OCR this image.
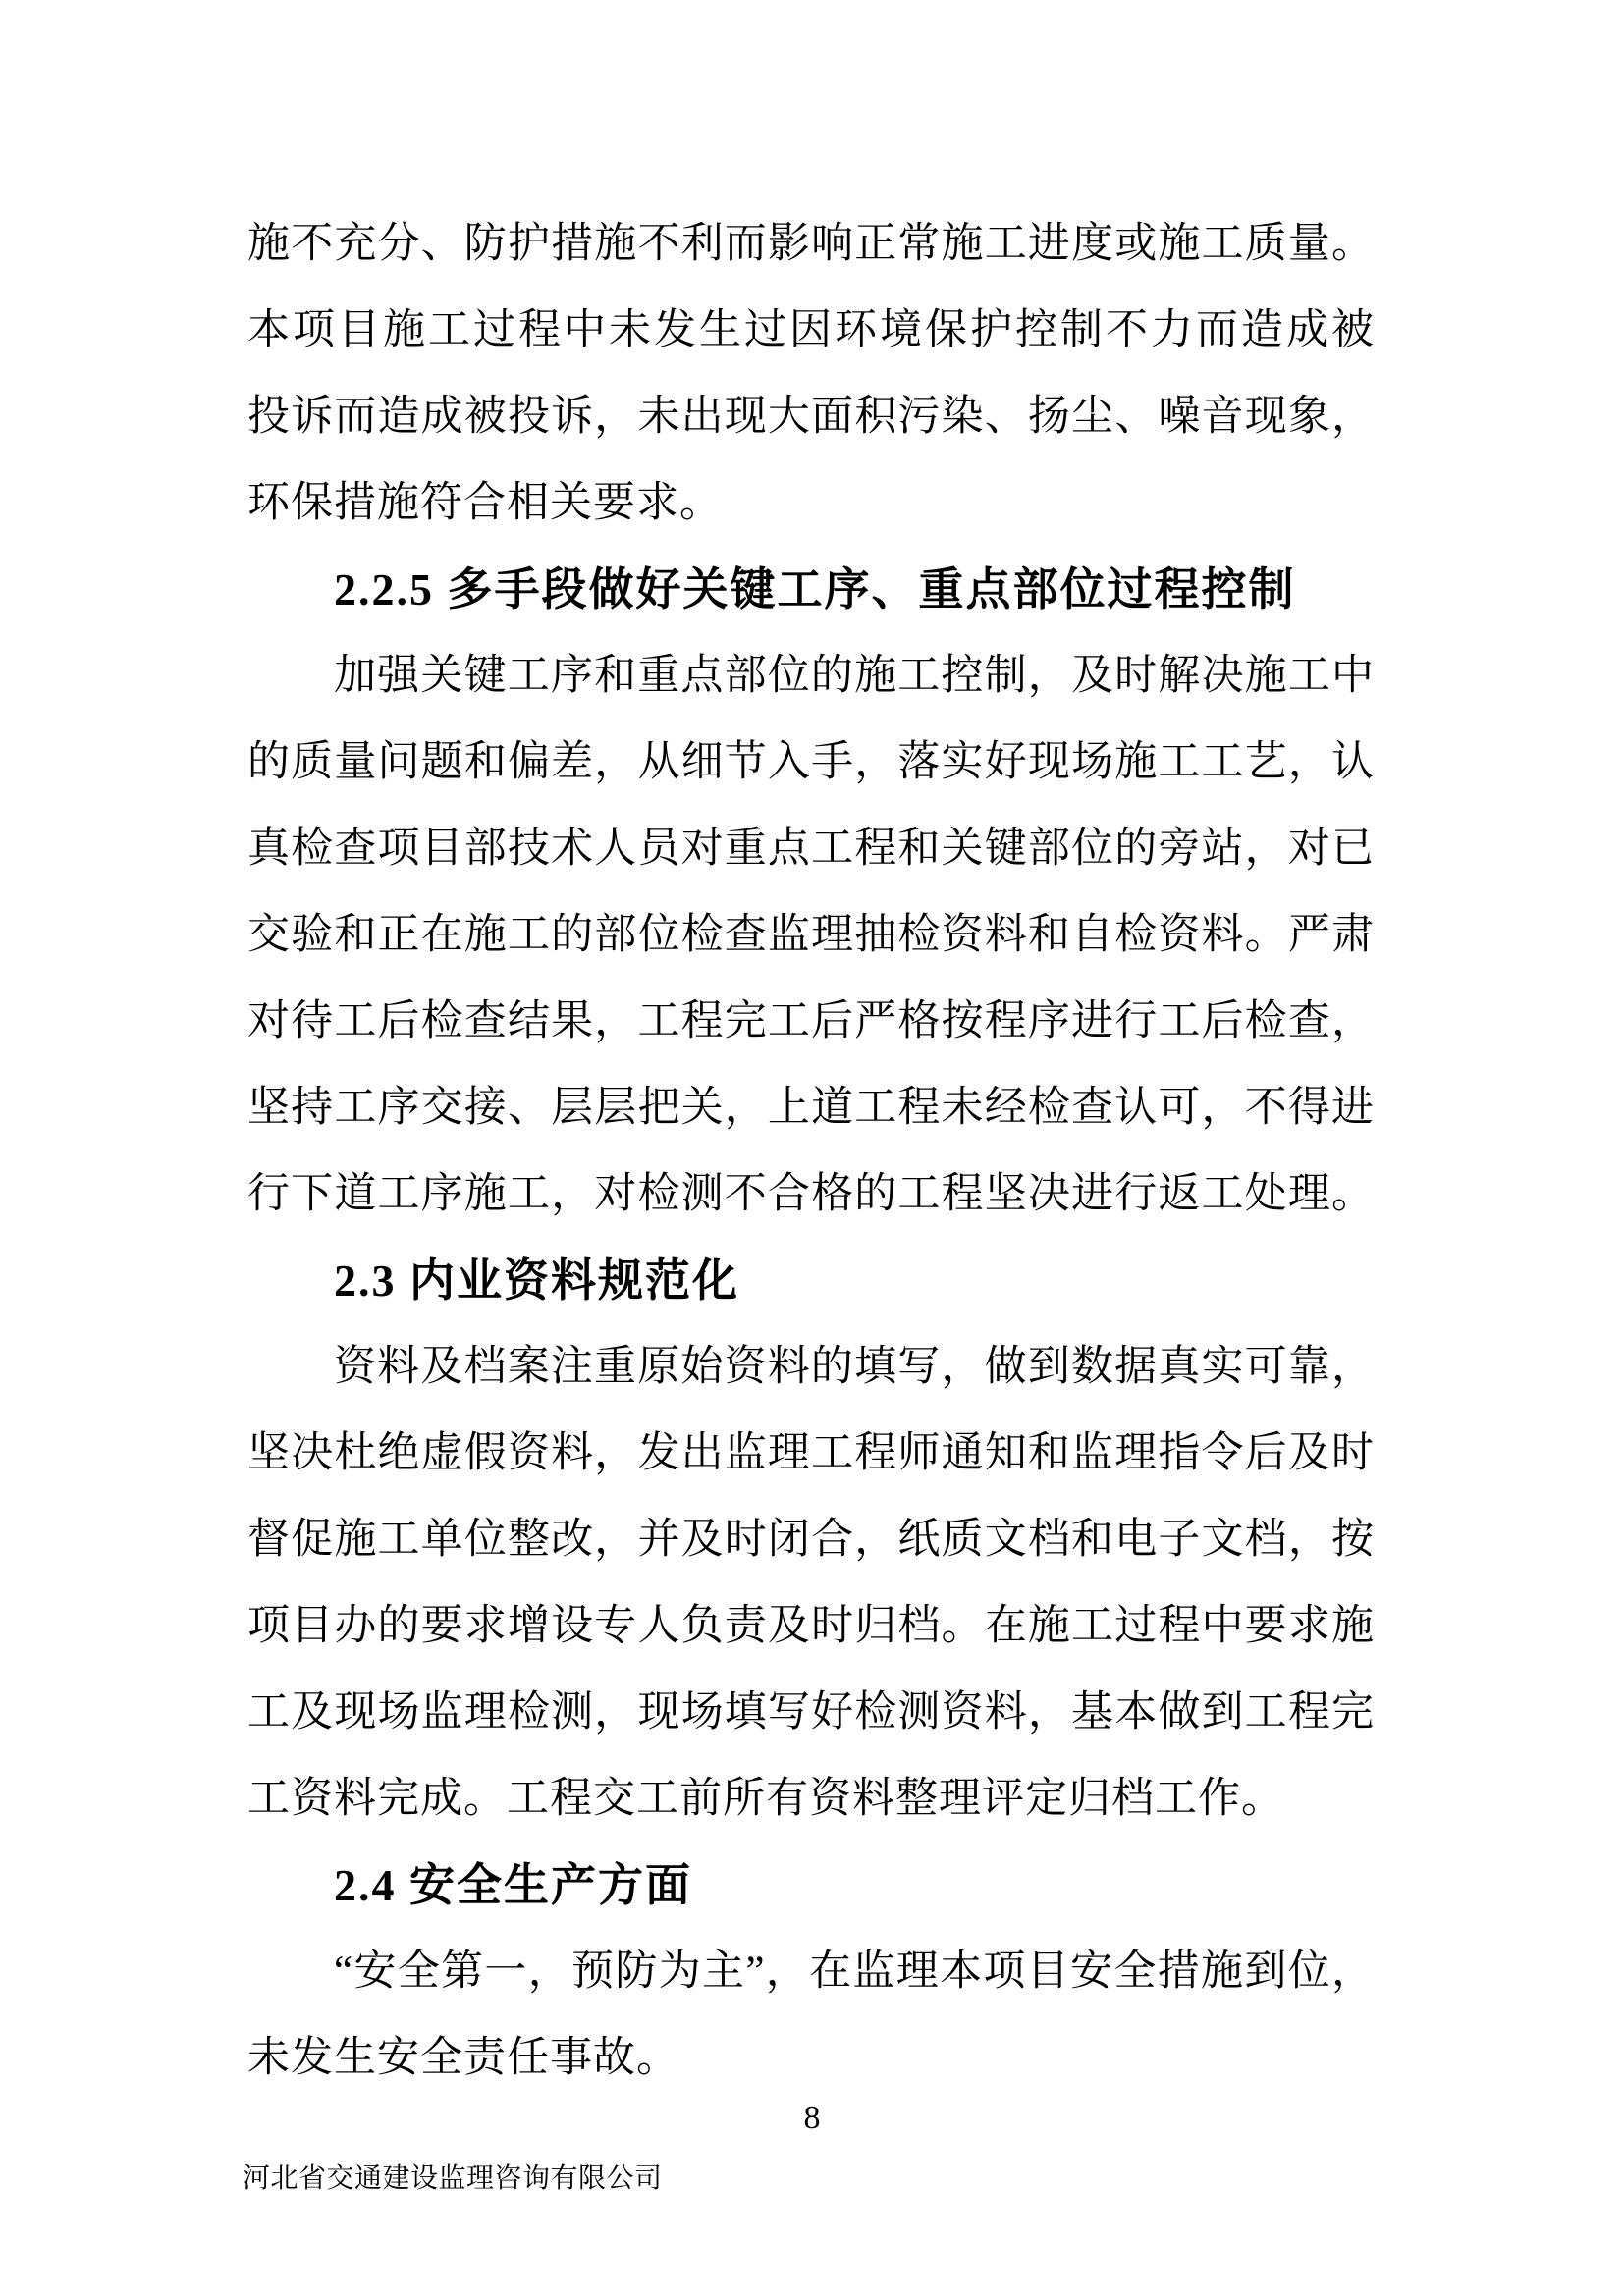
施不充分、防护措施不利而影响正常施工进度或施工质量。
本项目施工过程中未发生过因环境保护控制不力而造成被
投诉而造成被投诉，未出现大面积污染、扬尘、噪音现象，
环保措施符合相关要求。
2.2.5 多手段做好关键工序、重点部位过程控制
加强关键工序和重点部位的施工控制，及时解决施工中
的质量问题和偏差，从细节入手，落实好现场施工工艺，认
真检查项目部技术人员对重点工程和关键部位的旁站，对已
交验和正在施工的部位检查监理抽检资料和自检资料。严肃
对待工后检查结果，工程完工后严格按程序进行工后检查，
坚持工序交接、层层把关，上道工程未经检查认可，不得进
行下道工序施工，对检测不合格的工程坚决进行返工处理。
2.3 内业资料规范化
资料及档案注重原始资料的填写，做到数据真实可靠，
坚决杜绝虚假资料，发出监理工程师通知和监理指令后及时
督促施工单位整改，并及时闭合，纸质文档和电子文档，按
项目办的要求增设专人负责及时归档。在施工过程中要求施
工及现场监理检测，现场填写好检测资料，基本做到工程完
工资料完成。工程交工前所有资料整理评定归档工作。
2.4 安全生产方面
“安全第一，预防为主”，在监理本项目安全措施到位，
未发生安全责任事故。
8
河北省交通建设监理咨询有限公司
